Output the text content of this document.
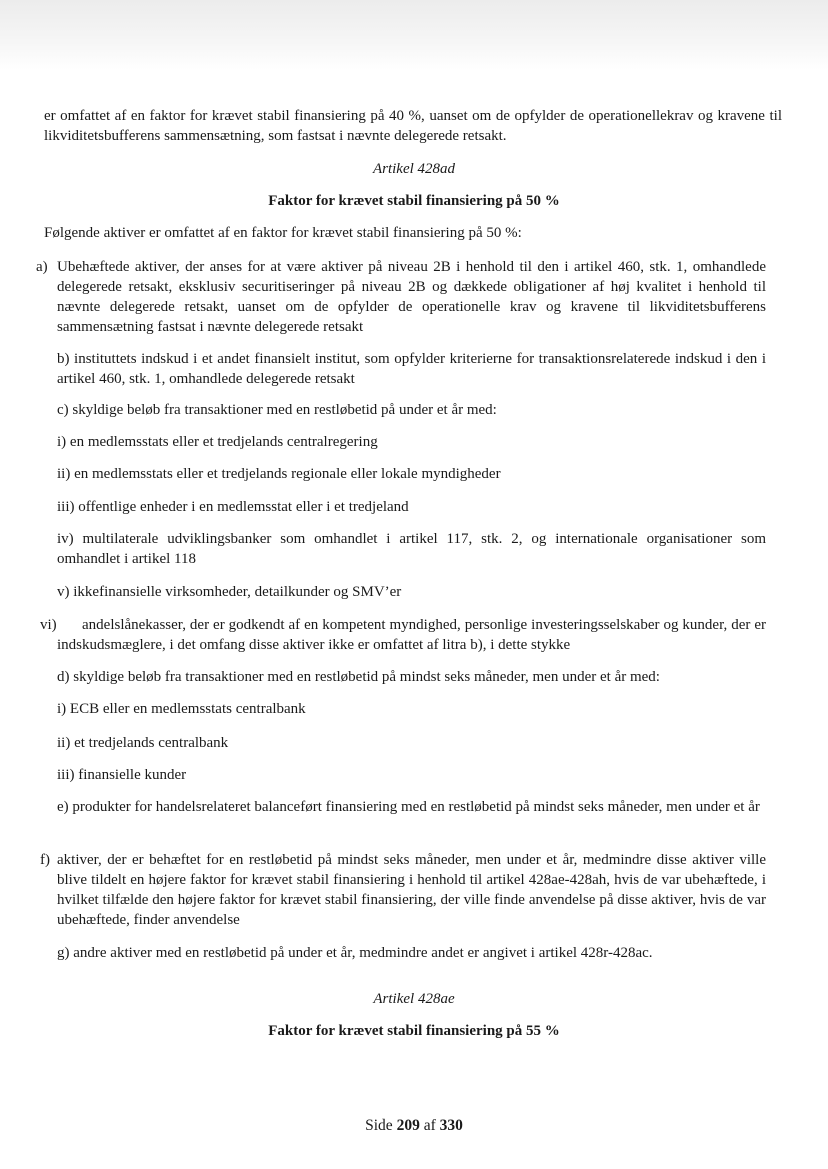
er omfattet af en faktor for krævet stabil finansiering på 40 %, uanset om de opfylder de operationellekrav og kravene til likviditetsbufferens sammensætning, som fastsat i nævnte delegerede retsakt.
Artikel 428ad
Faktor for krævet stabil finansiering på 50 %
Følgende aktiver er omfattet af en faktor for krævet stabil finansiering på 50 %:
a) Ubehæftede aktiver, der anses for at være aktiver på niveau 2B i henhold til den i artikel 460, stk. 1, omhandlede delegerede retsakt, eksklusiv securitiseringer på niveau 2B og dækkede obligationer af høj kvalitet i henhold til nævnte delegerede retsakt, uanset om de opfylder de operationelle krav og kravene til likviditetsbufferens sammensætning fastsat i nævnte delegerede retsakt
b) instituttets indskud i et andet finansielt institut, som opfylder kriterierne for transaktionsrelaterede indskud i den i artikel 460, stk. 1, omhandlede delegerede retsakt
c) skyldige beløb fra transaktioner med en restløbetid på under et år med:
i) en medlemsstats eller et tredjelands centralregering
ii) en medlemsstats eller et tredjelands regionale eller lokale myndigheder
iii) offentlige enheder i en medlemsstat eller i et tredjeland
iv) multilaterale udviklingsbanker som omhandlet i artikel 117, stk. 2, og internationale organisationer som omhandlet i artikel 118
v) ikkefinansielle virksomheder, detailkunder og SMV’er
vi)	andelslånekasser, der er godkendt af en kompetent myndighed, personlige investeringsselskaber og kunder, der er indskudsmæglere, i det omfang disse aktiver ikke er omfattet af litra b), i dette stykke
d) skyldige beløb fra transaktioner med en restløbetid på mindst seks måneder, men under et år med:
i) ECB eller en medlemsstats centralbank
ii) et tredjelands centralbank
iii) finansielle kunder
e) produkter for handelsrelateret balanceført finansiering med en restløbetid på mindst seks måneder, men under et år
f) aktiver, der er behæftet for en restløbetid på mindst seks måneder, men under et år, medmindre disse aktiver ville blive tildelt en højere faktor for krævet stabil finansiering i henhold til artikel 428ae-428ah, hvis de var ubehæftede, i hvilket tilfælde den højere faktor for krævet stabil finansiering, der ville finde anvendelse på disse aktiver, hvis de var ubehæftede, finder anvendelse
g) andre aktiver med en restløbetid på under et år, medmindre andet er angivet i artikel 428r-428ac.
Artikel 428ae
Faktor for krævet stabil finansiering på 55 %
Side 209 af 330
